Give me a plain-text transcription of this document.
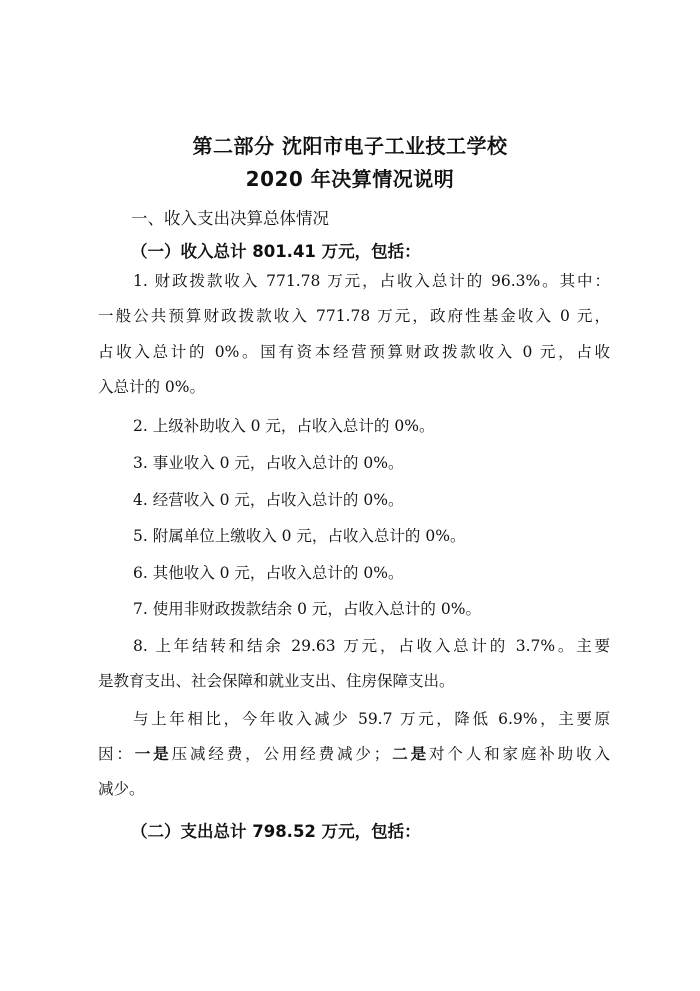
第二部分 沈阳市电子工业技工学校
2020 年决算情况说明
一、收入支出决算总体情况
（一）收入总计 801.41 万元，包括：
1. 财政拨款收入 771.78 万元，占收入总计的 96.3%。其中：
一般公共预算财政拨款收入 771.78 万元，政府性基金收入 0 元，
占收入总计的 0%。国有资本经营预算财政拨款收入 0 元，占收
入总计的 0%。
2. 上级补助收入 0 元，占收入总计的 0%。
3. 事业收入 0 元，占收入总计的 0%。
4. 经营收入 0 元，占收入总计的 0%。
5. 附属单位上缴收入 0 元，占收入总计的 0%。
6. 其他收入 0 元，占收入总计的 0%。
7. 使用非财政拨款结余 0 元，占收入总计的 0%。
8. 上年结转和结余 29.63 万元，占收入总计的 3.7%。主要
是教育支出、社会保障和就业支出、住房保障支出。
与上年相比，今年收入减少 59.7 万元，降低 6.9%，主要原
因：一是压减经费，公用经费减少；二是对个人和家庭补助收入
减少。
（二）支出总计 798.52 万元，包括：
